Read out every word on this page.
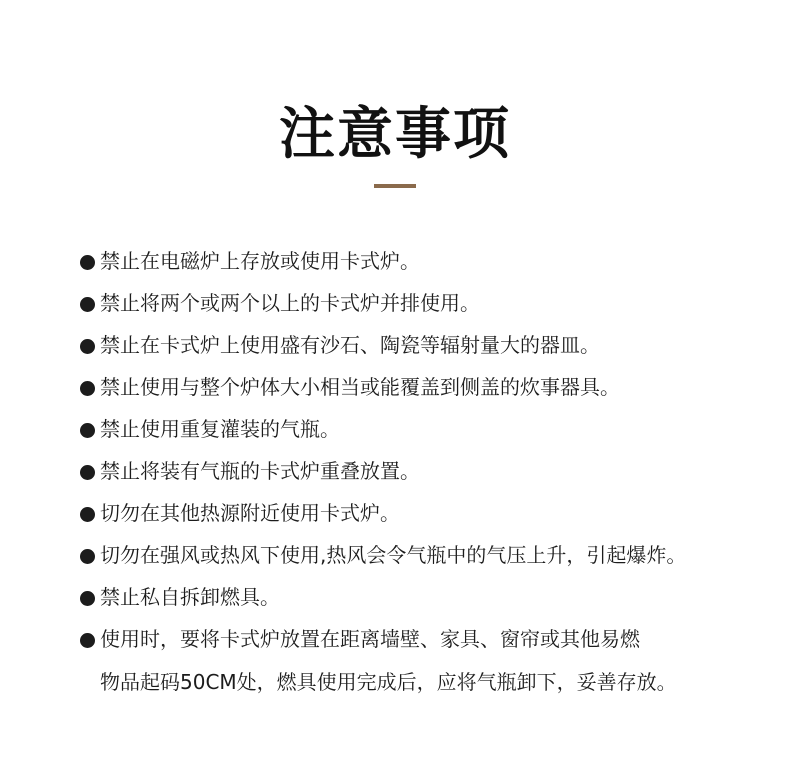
注意事项
禁止在电磁炉上存放或使用卡式炉。
禁止将两个或两个以上的卡式炉并排使用。
禁止在卡式炉上使用盛有沙石、陶瓷等辐射量大的器皿。
禁止使用与整个炉体大小相当或能覆盖到侧盖的炊事器具。
禁止使用重复灌装的气瓶。
禁止将装有气瓶的卡式炉重叠放置。
切勿在其他热源附近使用卡式炉。
切勿在强风或热风下使用,热风会令气瓶中的气压上升，引起爆炸。
禁止私自拆卸燃具。
使用时，要将卡式炉放置在距离墙壁、家具、窗帘或其他易燃
物品起码50CM处，燃具使用完成后，应将气瓶卸下，妥善存放。
